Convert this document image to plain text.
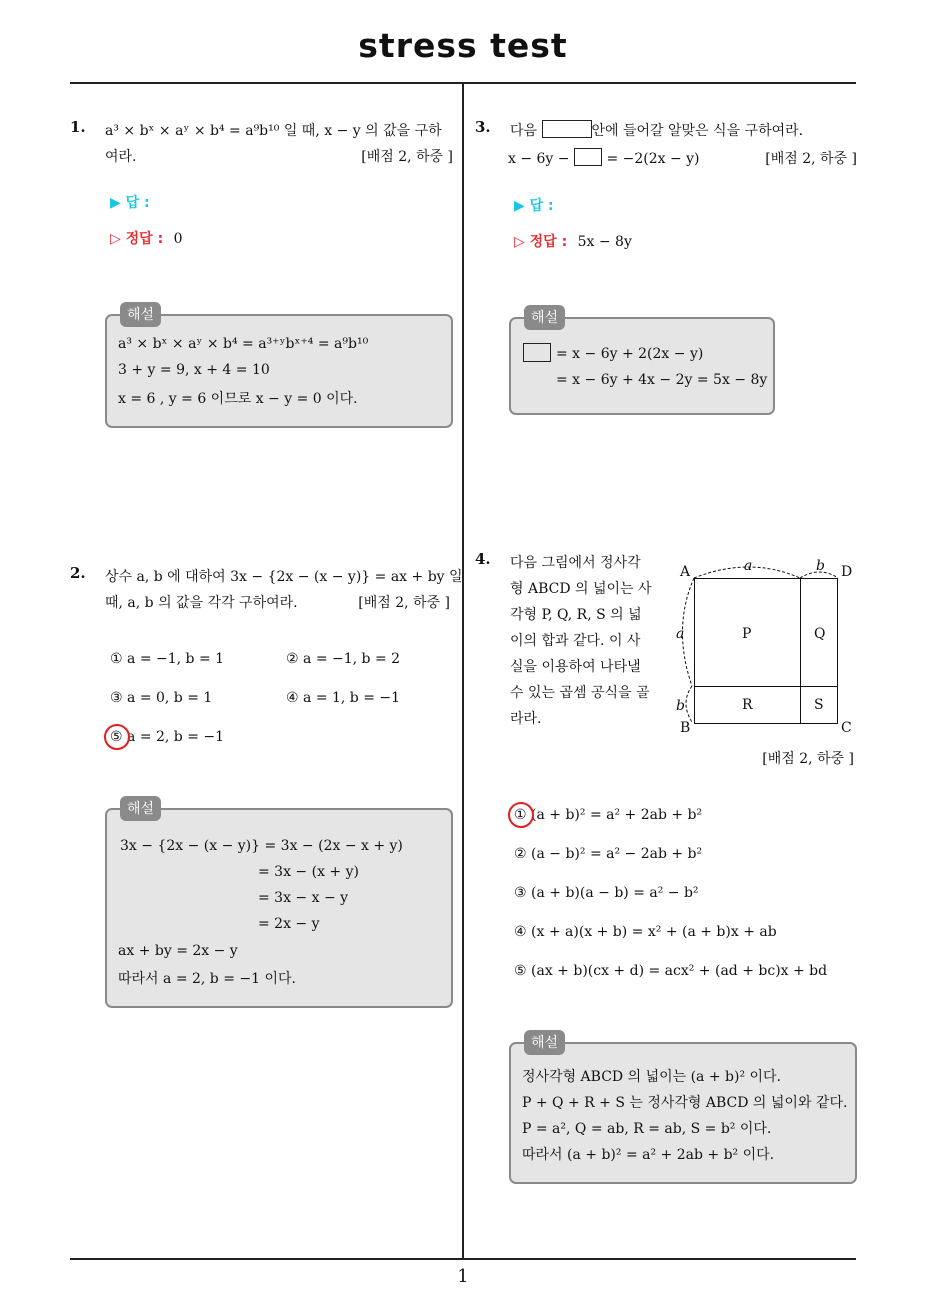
stress test
1
1. a³ × bˣ × aʸ × b⁴ = a⁹b¹⁰ 일 때, x − y 의 값을 구하
여라.	[배점 2, 하중 ]
▶ 답 :
▷ 정답 : 0
해설
a³ × bˣ × aʸ × b⁴ = a³⁺ʸbˣ⁺⁴ = a⁹b¹⁰
3 + y = 9, x + 4 = 10
x = 6 , y = 6 이므로 x − y = 0 이다.
2. 상수 a, b 에 대하여 3x − {2x − (x − y)} = ax + by 일
때, a, b 의 값을 각각 구하여라.	[배점 2, 하중 ]
① a = −1, b = 1	② a = −1, b = 2
③ a = 0, b = 1	④ a = 1, b = −1
⑤ a = 2, b = −1
해설
3x − {2x − (x − y)} = 3x − (2x − x + y)
= 3x − (x + y)
= 3x − x − y
= 2x − y
ax + by = 2x − y
따라서 a = 2, b = −1 이다.
3. 다음	안에 들어갈 알맞은 식을 구하여라.
x − 6y −	= −2(2x − y)	[배점 2, 하중 ]
▶ 답 :
▷ 정답 : 5x − 8y
해설
= x − 6y + 2(2x − y)
= x − 6y + 4x − 2y = 5x − 8y
4. 다음 그림에서 정사각
형 ABCD 의 넓이는 사
각형 P, Q, R, S 의 넓
이의 합과 같다. 이 사
실을 이용하여 나타낼
수 있는 곱셈 공식을 골
라라.
A	D
B	C
a	b
a
b
P	Q
R	S
[배점 2, 하중 ]
① (a + b)² = a² + 2ab + b²
② (a − b)² = a² − 2ab + b²
③ (a + b)(a − b) = a² − b²
④ (x + a)(x + b) = x² + (a + b)x + ab
⑤ (ax + b)(cx + d) = acx² + (ad + bc)x + bd
해설
정사각형 ABCD 의 넓이는 (a + b)² 이다.
P + Q + R + S 는 정사각형 ABCD 의 넓이와 같다.
P = a², Q = ab, R = ab, S = b² 이다.
따라서 (a + b)² = a² + 2ab + b² 이다.
